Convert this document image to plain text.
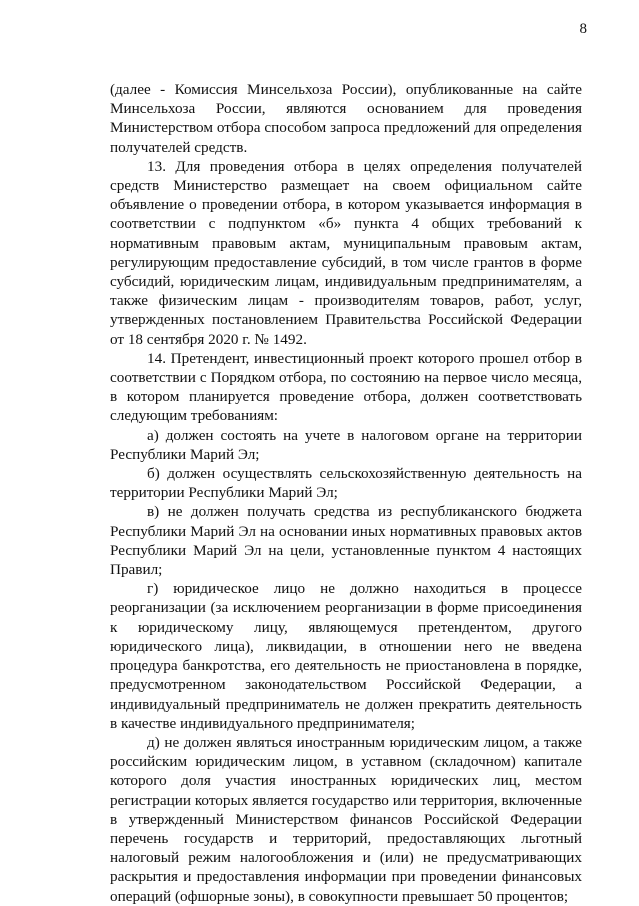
8

(далее - Комиссия Минсельхоза России), опубликованные на сайте Минсельхоза России, являются основанием для проведения Министерством отбора способом запроса предложений для определения получателей средств.

13. Для проведения отбора в целях определения получателей средств Министерство размещает на своем официальном сайте объявление о проведении отбора, в котором указывается информация в соответствии с подпунктом «б» пункта 4 общих требований к нормативным правовым актам, муниципальным правовым актам, регулирующим предоставление субсидий, в том числе грантов в форме субсидий, юридическим лицам, индивидуальным предпринимателям, а также физическим лицам - производителям товаров, работ, услуг, утвержденных постановлением Правительства Российской Федерации от 18 сентября 2020 г. № 1492.

14. Претендент, инвестиционный проект которого прошел отбор в соответствии с Порядком отбора, по состоянию на первое число месяца, в котором планируется проведение отбора, должен соответствовать следующим требованиям:

а) должен состоять на учете в налоговом органе на территории Республики Марий Эл;

б) должен осуществлять сельскохозяйственную деятельность на территории Республики Марий Эл;

в) не должен получать средства из республиканского бюджета Республики Марий Эл на основании иных нормативных правовых актов Республики Марий Эл на цели, установленные пунктом 4 настоящих Правил;

г) юридическое лицо не должно находиться в процессе реорганизации (за исключением реорганизации в форме присоединения к юридическому лицу, являющемуся претендентом, другого юридического лица), ликвидации, в отношении него не введена процедура банкротства, его деятельность не приостановлена в порядке, предусмотренном законодательством Российской Федерации, а индивидуальный предприниматель не должен прекратить деятельность в качестве индивидуального предпринимателя;

д) не должен являться иностранным юридическим лицом, а также российским юридическим лицом, в уставном (складочном) капитале которого доля участия иностранных юридических лиц, местом регистрации которых является государство или территория, включенные в утвержденный Министерством финансов Российской Федерации перечень государств и территорий, предоставляющих льготный налоговый режим налогообложения и (или) не предусматривающих раскрытия и предоставления информации при проведении финансовых операций (офшорные зоны), в совокупности превышает 50 процентов;
